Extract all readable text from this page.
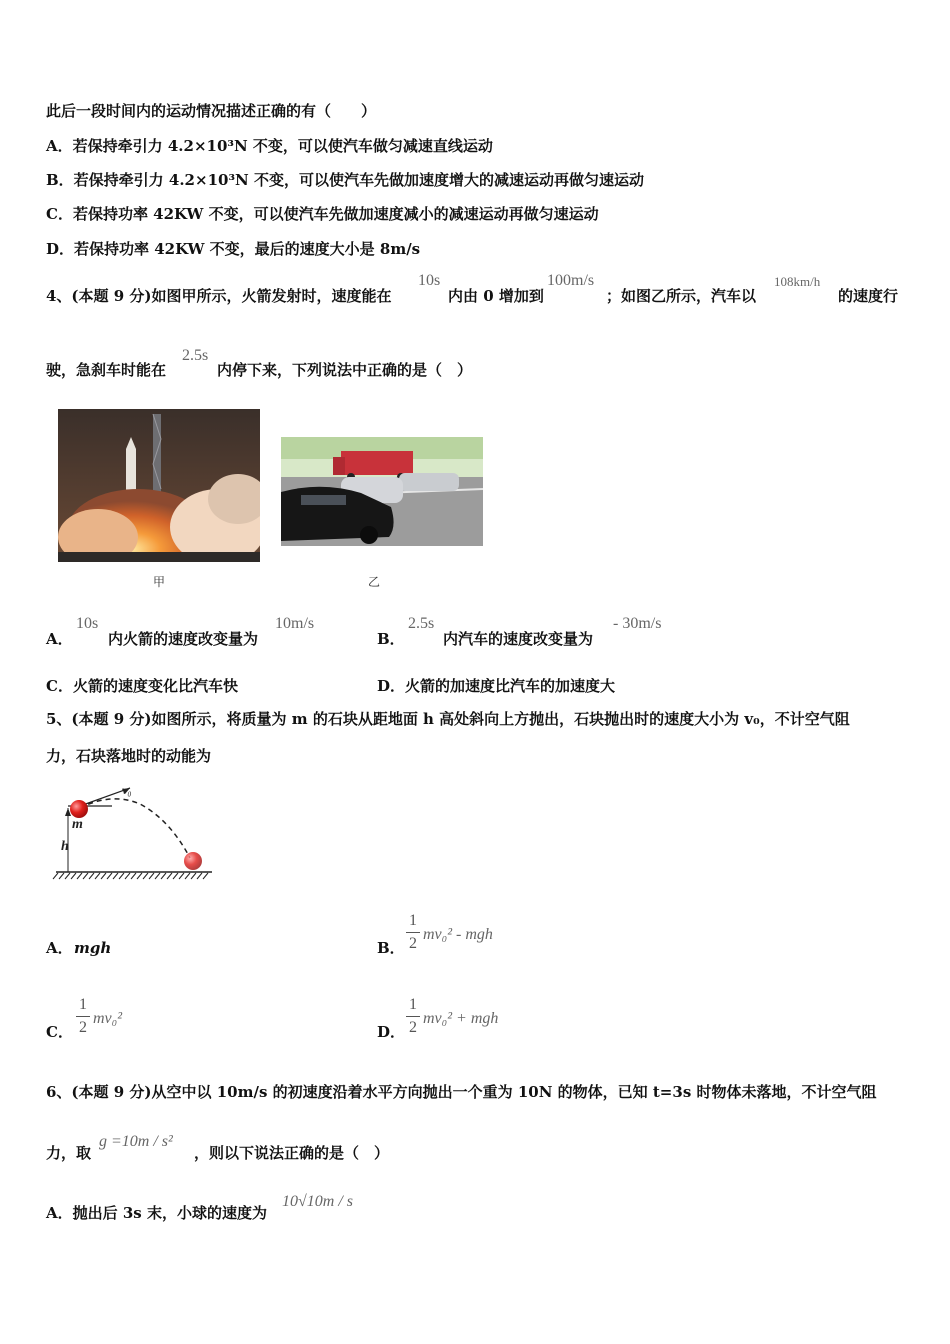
此后一段时间内的运动情况描述正确的有（　　）
A．若保持牵引力 4.2×10³N 不变，可以使汽车做匀减速直线运动
B．若保持牵引力 4.2×10³N 不变，可以使汽车先做加速度增大的减速运动再做匀速运动
C．若保持功率 42KW 不变，可以使汽车先做加速度减小的减速运动再做匀速运动
D．若保持功率 42KW 不变，最后的速度大小是 8m/s
4、(本题 9 分)如图甲所示，火箭发射时，速度能在
10s
内由 0 增加到
100m/s
；如图乙所示，汽车以
108km/h
的速度行
驶，急刹车时能在
2.5s
内停下来，下列说法中正确的是（　）
甲	乙
A．
10s
内火箭的速度改变量为
10m/s
B．
2.5s
内汽车的速度改变量为
- 30m/s
C．火箭的速度变化比汽车快	D．火箭的加速度比汽车的加速度大
5、(本题 9 分)如图所示，将质量为 m 的石块从距地面 h 高处斜向上方抛出，石块抛出时的速度大小为 v₀，不计空气阻
力，石块落地时的动能为
v₀
m
h
A． mgh	B．
1
2
mv₀² - mgh
C．
1
2
mv₀²
D．
1
2
mv₀² + mgh
6、(本题 9 分)从空中以 10m/s 的初速度沿着水平方向抛出一个重为 10N 的物体，已知 t=3s 时物体未落地，不计空气阻
力，取
g =10m / s²
，则以下说法正确的是（　）
A．抛出后 3s 末，小球的速度为
10√10m / s
